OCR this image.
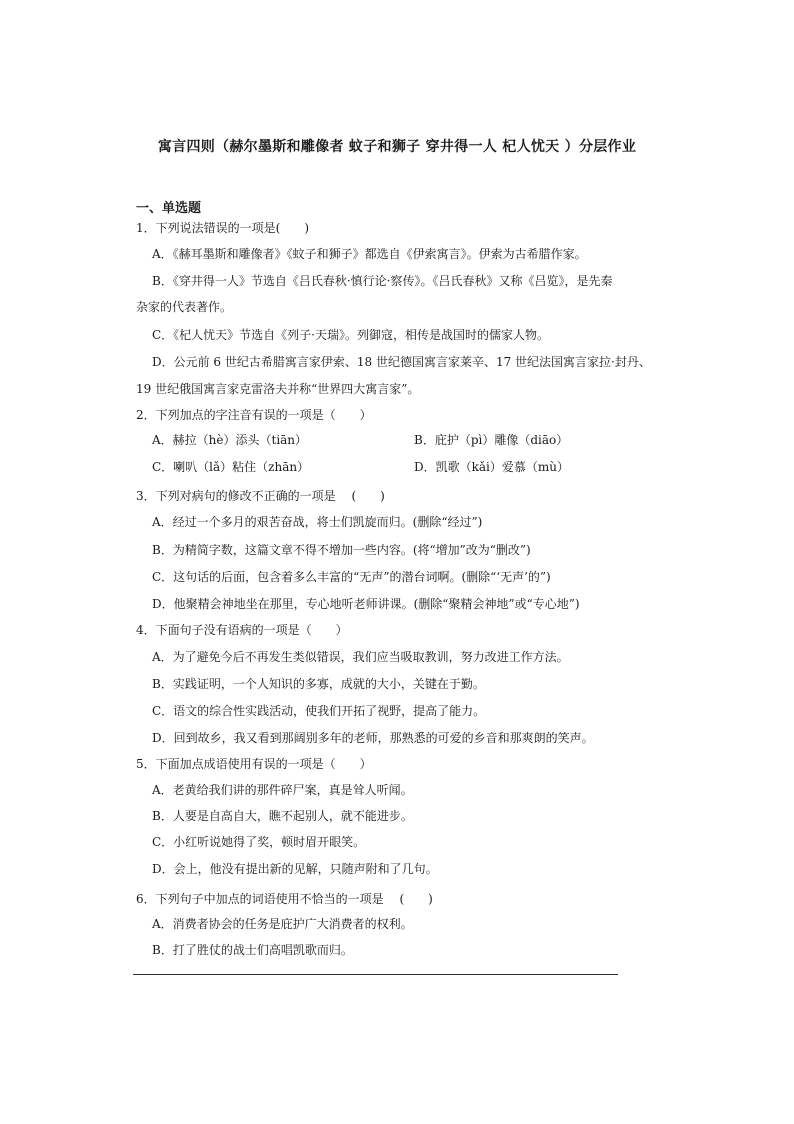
寓言四则（赫尔墨斯和雕像者 蚊子和狮子 穿井得一人 杞人忧天 ）分层作业
一、单选题
1．下列说法错误的一项是(　　)
A．《赫耳墨斯和雕像者》《蚊子和狮子》都选自《伊索寓言》。伊索为古希腊作家。
B．《穿井得一人》节选自《吕氏春秋·慎行论·察传》。《吕氏春秋》又称《吕览》，是先秦
杂家的代表著作。
C．《杞人忧天》节选自《列子·天瑞》。列御寇，相传是战国时的儒家人物。
D．公元前 6 世纪古希腊寓言家伊索、18 世纪德国寓言家莱辛、17 世纪法国寓言家拉·封丹、
19 世纪俄国寓言家克雷洛夫并称“世界四大寓言家”。
2．下列加点的字注音有误的一项是（　　）
A．赫拉（hè）添头（tiān）	B．庇护（pì）雕像（diāo）
C．喇叭（lǎ）粘住（zhān）	D．凯歌（kǎi）爱慕（mù）
3．下列对病句的修改不正确的一项是　 (　　)
A．经过一个多月的艰苦奋战，将士们凯旋而归。(删除“经过”)
B．为精简字数，这篇文章不得不增加一些内容。(将“增加”改为“删改”)
C．这句话的后面，包含着多么丰富的“无声”的潜台词啊。(删除“‘无声’的”)
D．他聚精会神地坐在那里，专心地听老师讲课。(删除“聚精会神地”或“专心地”)
4．下面句子没有语病的一项是（　　）
A．为了避免今后不再发生类似错误，我们应当吸取教训，努力改进工作方法。
B．实践证明，一个人知识的多寡，成就的大小，关键在于勤。
C．语文的综合性实践活动，使我们开拓了视野，提高了能力。
D．回到故乡，我又看到那阔别多年的老师，那熟悉的可爱的乡音和那爽朗的笑声。
5．下面加点成语使用有误的一项是（　　）
A．老黄给我们讲的那件碎尸案，真是耸人听闻。
B．人要是自高自大，瞧不起别人，就不能进步。
C．小红听说她得了奖，顿时眉开眼笑。
D．会上，他没有提出新的见解，只随声附和了几句。
6．下列句子中加点的词语使用不恰当的一项是　 (　　)
A．消费者协会的任务是庇护广大消费者的权利。
B．打了胜仗的战士们高唱凯歌而归。
